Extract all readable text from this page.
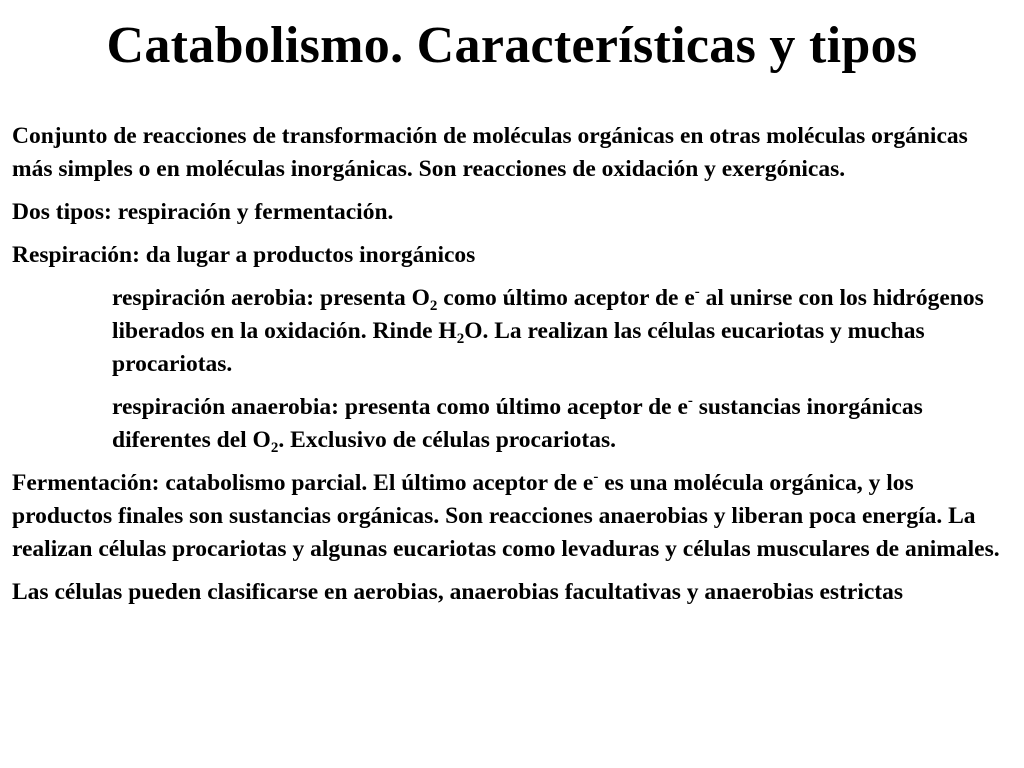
Catabolismo. Características y tipos

Conjunto de reacciones de transformación de moléculas orgánicas en otras moléculas orgánicas más simples o en moléculas inorgánicas. Son reacciones de oxidación y exergónicas.

Dos tipos: respiración y fermentación.

Respiración: da lugar a productos inorgánicos

respiración aerobia: presenta $O_2$ como último aceptor de e- al unirse con los hidrógenos liberados en la oxidación. Rinde $H_2O$. La realizan las células eucariotas y muchas procariotas.

respiración anaerobia: presenta como último aceptor de e- sustancias inorgánicas diferentes del $O_2$. Exclusivo de células procariotas.

Fermentación: catabolismo parcial. El último aceptor de e- es una molécula orgánica, y los productos finales son sustancias orgánicas. Son reacciones anaerobias y liberan poca energía. La realizan células procariotas y algunas eucariotas como levaduras y células musculares de animales.

Las células pueden clasificarse en aerobias, anaerobias facultativas y anaerobias estrictas
